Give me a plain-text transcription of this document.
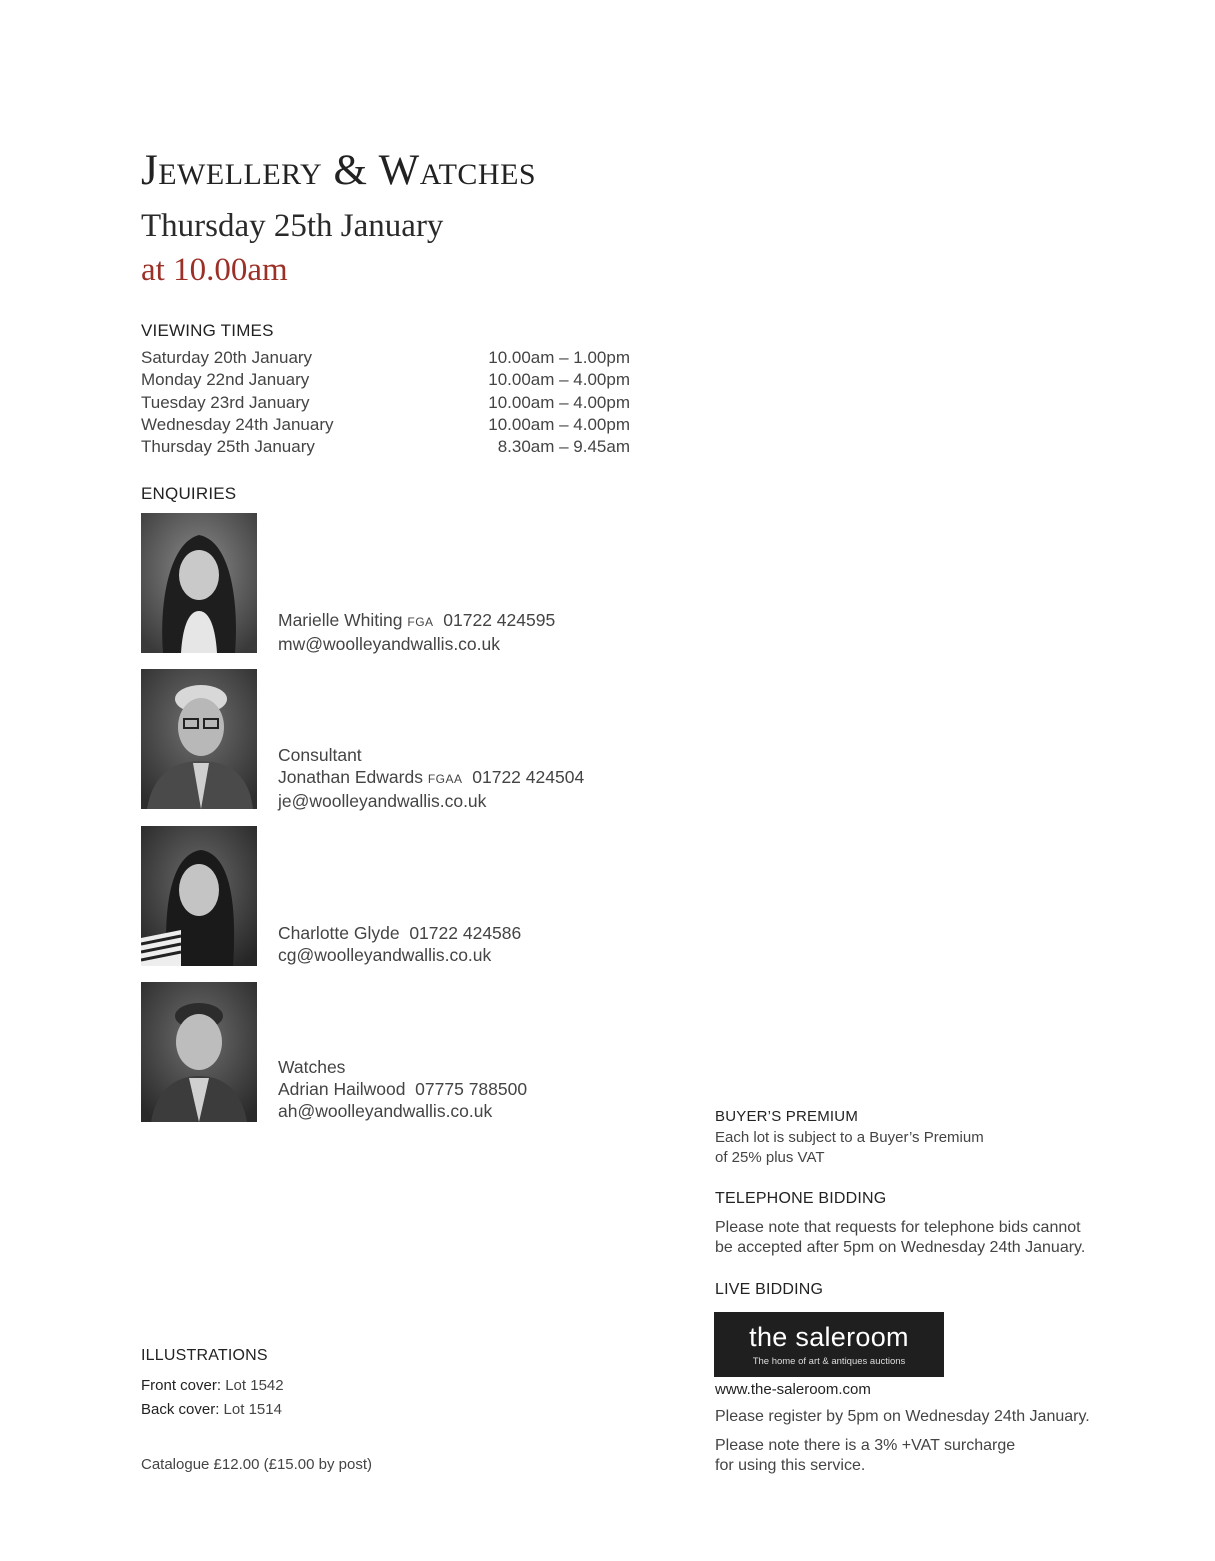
Jewellery & Watches
Thursday 25th January
at 10.00am
VIEWING TIMES
Saturday 20th January
Monday 22nd January
Tuesday 23rd January
Wednesday 24th January
Thursday 25th January
10.00am – 1.00pm
10.00am – 4.00pm
10.00am – 4.00pm
10.00am – 4.00pm
8.30am – 9.45am
ENQUIRIES
Marielle Whiting FGA 01722 424595
mw@woolleyandwallis.co.uk
Consultant
Jonathan Edwards FGAA 01722 424504
je@woolleyandwallis.co.uk
Charlotte Glyde 01722 424586
cg@woolleyandwallis.co.uk
Watches
Adrian Hailwood 07775 788500
ah@woolleyandwallis.co.uk	BUYER’S PREMIUM
Each lot is subject to a Buyer’s Premium
of 25% plus VAT
TELEPHONE BIDDING
Please note that requests for telephone bids cannot
be accepted after 5pm on Wednesday 24th January.
LIVE BIDDING
the saleroom
The home of art & antiques auctions
www.the-saleroom.com
Please register by 5pm on Wednesday 24th January.
Please note there is a 3% +VAT surcharge
for using this service.
ILLUSTRATIONS
Front cover: Lot 1542
Back cover: Lot 1514
Catalogue £12.00 (£15.00 by post)
